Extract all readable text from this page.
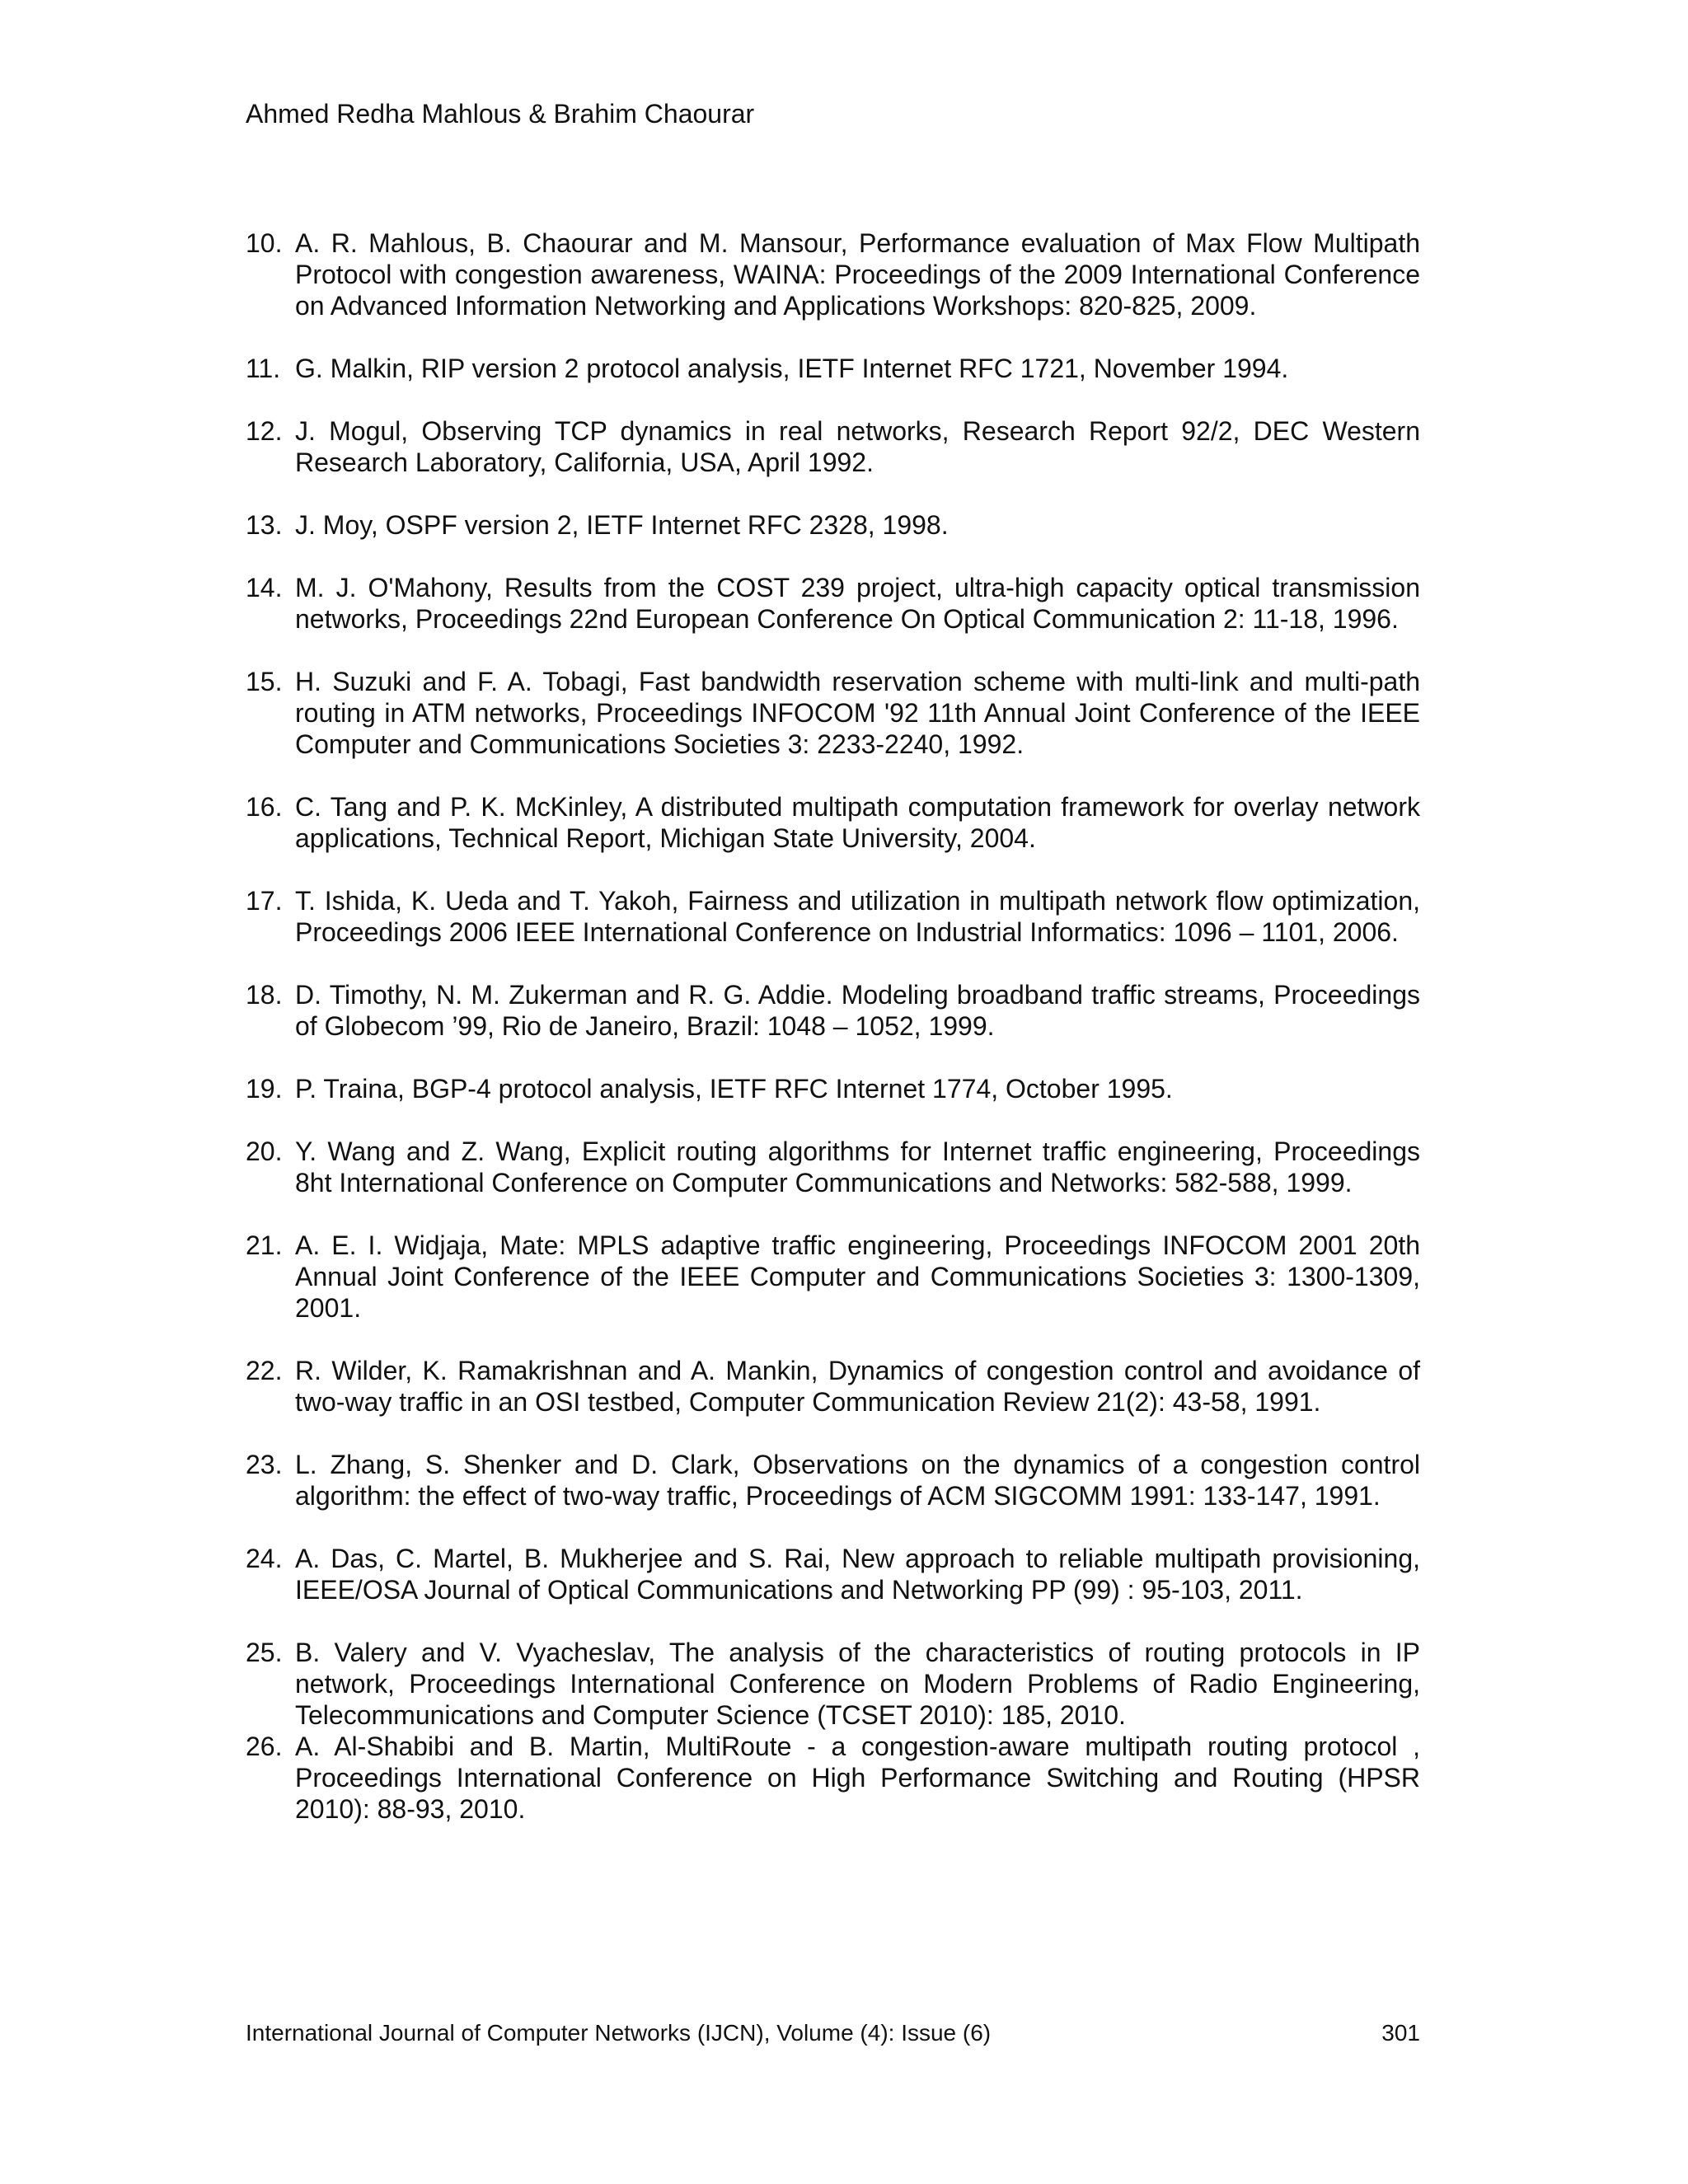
Ahmed Redha Mahlous & Brahim Chaourar
10. A. R. Mahlous, B. Chaourar and M. Mansour, Performance evaluation of Max Flow Multipath Protocol with congestion awareness, WAINA: Proceedings of the 2009 International Conference on Advanced Information Networking and Applications Workshops: 820-825, 2009.
11. G. Malkin, RIP version 2 protocol analysis, IETF Internet RFC 1721, November 1994.
12. J. Mogul, Observing TCP dynamics in real networks, Research Report 92/2, DEC Western Research Laboratory, California, USA, April 1992.
13. J. Moy, OSPF version 2, IETF Internet RFC 2328, 1998.
14. M. J. O'Mahony, Results from the COST 239 project, ultra-high capacity optical transmission networks, Proceedings 22nd European Conference On Optical Communication 2: 11-18, 1996.
15. H. Suzuki and F. A. Tobagi, Fast bandwidth reservation scheme with multi-link and multi-path routing in ATM networks, Proceedings INFOCOM '92 11th Annual Joint Conference of the IEEE Computer and Communications Societies 3: 2233-2240, 1992.
16. C. Tang and P. K. McKinley, A distributed multipath computation framework for overlay network applications, Technical Report, Michigan State University, 2004.
17. T. Ishida, K. Ueda and T. Yakoh, Fairness and utilization in multipath network flow optimization, Proceedings 2006 IEEE International Conference on Industrial Informatics: 1096 – 1101, 2006.
18. D. Timothy, N. M. Zukerman and R. G. Addie. Modeling broadband traffic streams, Proceedings of Globecom ’99, Rio de Janeiro, Brazil: 1048 – 1052, 1999.
19. P. Traina, BGP-4 protocol analysis, IETF RFC Internet 1774, October 1995.
20. Y. Wang and Z. Wang, Explicit routing algorithms for Internet traffic engineering, Proceedings 8ht International Conference on Computer Communications and Networks: 582-588, 1999.
21. A. E. I. Widjaja, Mate: MPLS adaptive traffic engineering, Proceedings INFOCOM 2001 20th Annual Joint Conference of the IEEE Computer and Communications Societies 3: 1300-1309, 2001.
22. R. Wilder, K. Ramakrishnan and A. Mankin, Dynamics of congestion control and avoidance of two-way traffic in an OSI testbed, Computer Communication Review 21(2): 43-58, 1991.
23. L. Zhang, S. Shenker and D. Clark, Observations on the dynamics of a congestion control algorithm: the effect of two-way traffic, Proceedings of ACM SIGCOMM 1991: 133-147, 1991.
24. A. Das, C. Martel, B. Mukherjee and S. Rai, New approach to reliable multipath provisioning, IEEE/OSA Journal of Optical Communications and Networking PP (99) : 95-103, 2011.
25. B. Valery and V. Vyacheslav, The analysis of the characteristics of routing protocols in IP network, Proceedings International Conference on Modern Problems of Radio Engineering, Telecommunications and Computer Science (TCSET 2010): 185, 2010.
26. A. Al-Shabibi and B. Martin, MultiRoute - a congestion-aware multipath routing protocol , Proceedings International Conference on High Performance Switching and Routing (HPSR 2010): 88-93, 2010.
International Journal of Computer Networks (IJCN), Volume (4): Issue (6)	301
